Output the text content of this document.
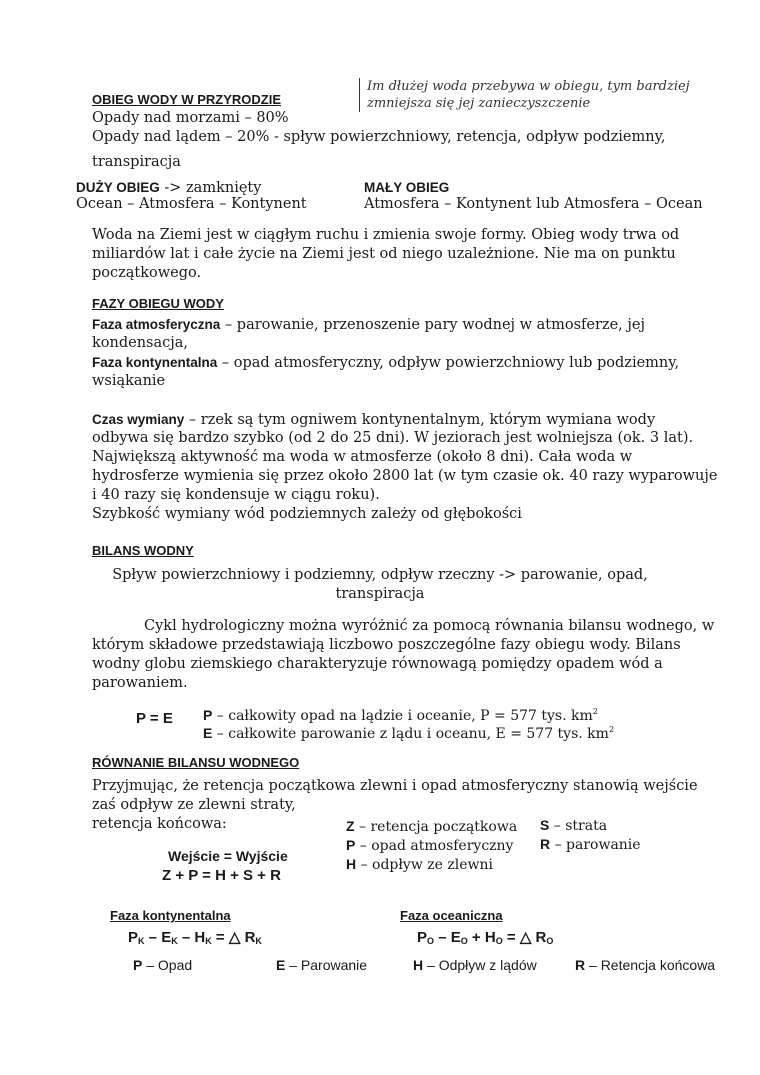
Im dłużej woda przebywa w obiegu, tym bardziej
zmniejsza się jej zanieczyszczenie
OBIEG WODY W PRZYRODZIE
Opady nad morzami – 80%
Opady nad lądem – 20% - spływ powierzchniowy, retencja, odpływ podziemny,
transpiracja
DUŻY OBIEG -> zamknięty
Ocean – Atmosfera – Kontynent
MAŁY OBIEG
Atmosfera – Kontynent lub Atmosfera – Ocean
Woda na Ziemi jest w ciągłym ruchu i zmienia swoje formy. Obieg wody trwa od
miliardów lat i całe życie na Ziemi jest od niego uzależnione. Nie ma on punktu
początkowego.
FAZY OBIEGU WODY
Faza atmosferyczna – parowanie, przenoszenie pary wodnej w atmosferze, jej
kondensacja,
Faza kontynentalna – opad atmosferyczny, odpływ powierzchniowy lub podziemny,
wsiąkanie
Czas wymiany – rzek są tym ogniwem kontynentalnym, którym wymiana wody
odbywa się bardzo szybko (od 2 do 25 dni). W jeziorach jest wolniejsza (ok. 3 lat).
Największą aktywność ma woda w atmosferze (około 8 dni). Cała woda w
hydrosferze wymienia się przez około 2800 lat (w tym czasie ok. 40 razy wyparowuje
i 40 razy się kondensuje w ciągu roku).
Szybkość wymiany wód podziemnych zależy od głębokości
BILANS WODNY
Spływ powierzchniowy i podziemny, odpływ rzeczny -> parowanie, opad,
transpiracja
Cykl hydrologiczny można wyróżnić za pomocą równania bilansu wodnego, w
którym składowe przedstawiają liczbowo poszczególne fazy obiegu wody. Bilans
wodny globu ziemskiego charakteryzuje równowagą pomiędzy opadem wód a
parowaniem.
P = E P – całkowity opad na lądzie i oceanie, P = 577 tys. $km^2$
E – całkowite parowanie z lądu i oceanu, E = 577 tys. $km^2$
RÓWNANIE BILANSU WODNEGO
Przyjmując, że retencja początkowa zlewni i opad atmosferyczny stanowią wejście
zaś odpływ ze zlewni straty,
retencja końcowa:
Wejście = Wyjście
Z + P = H + S + R
Z – retencja początkowa
P – opad atmosferyczny
H – odpływ ze zlewni
S – strata
R – parowanie
Faza kontynentalna	Faza oceaniczna
$P_K - E_K - H_K$ = △ $R_K$	$P_O - E_O + H_O$ = △ $R_O$
P – Opad	E – Parowanie	H – Odpływ z lądów	R – Retencja końcowa
